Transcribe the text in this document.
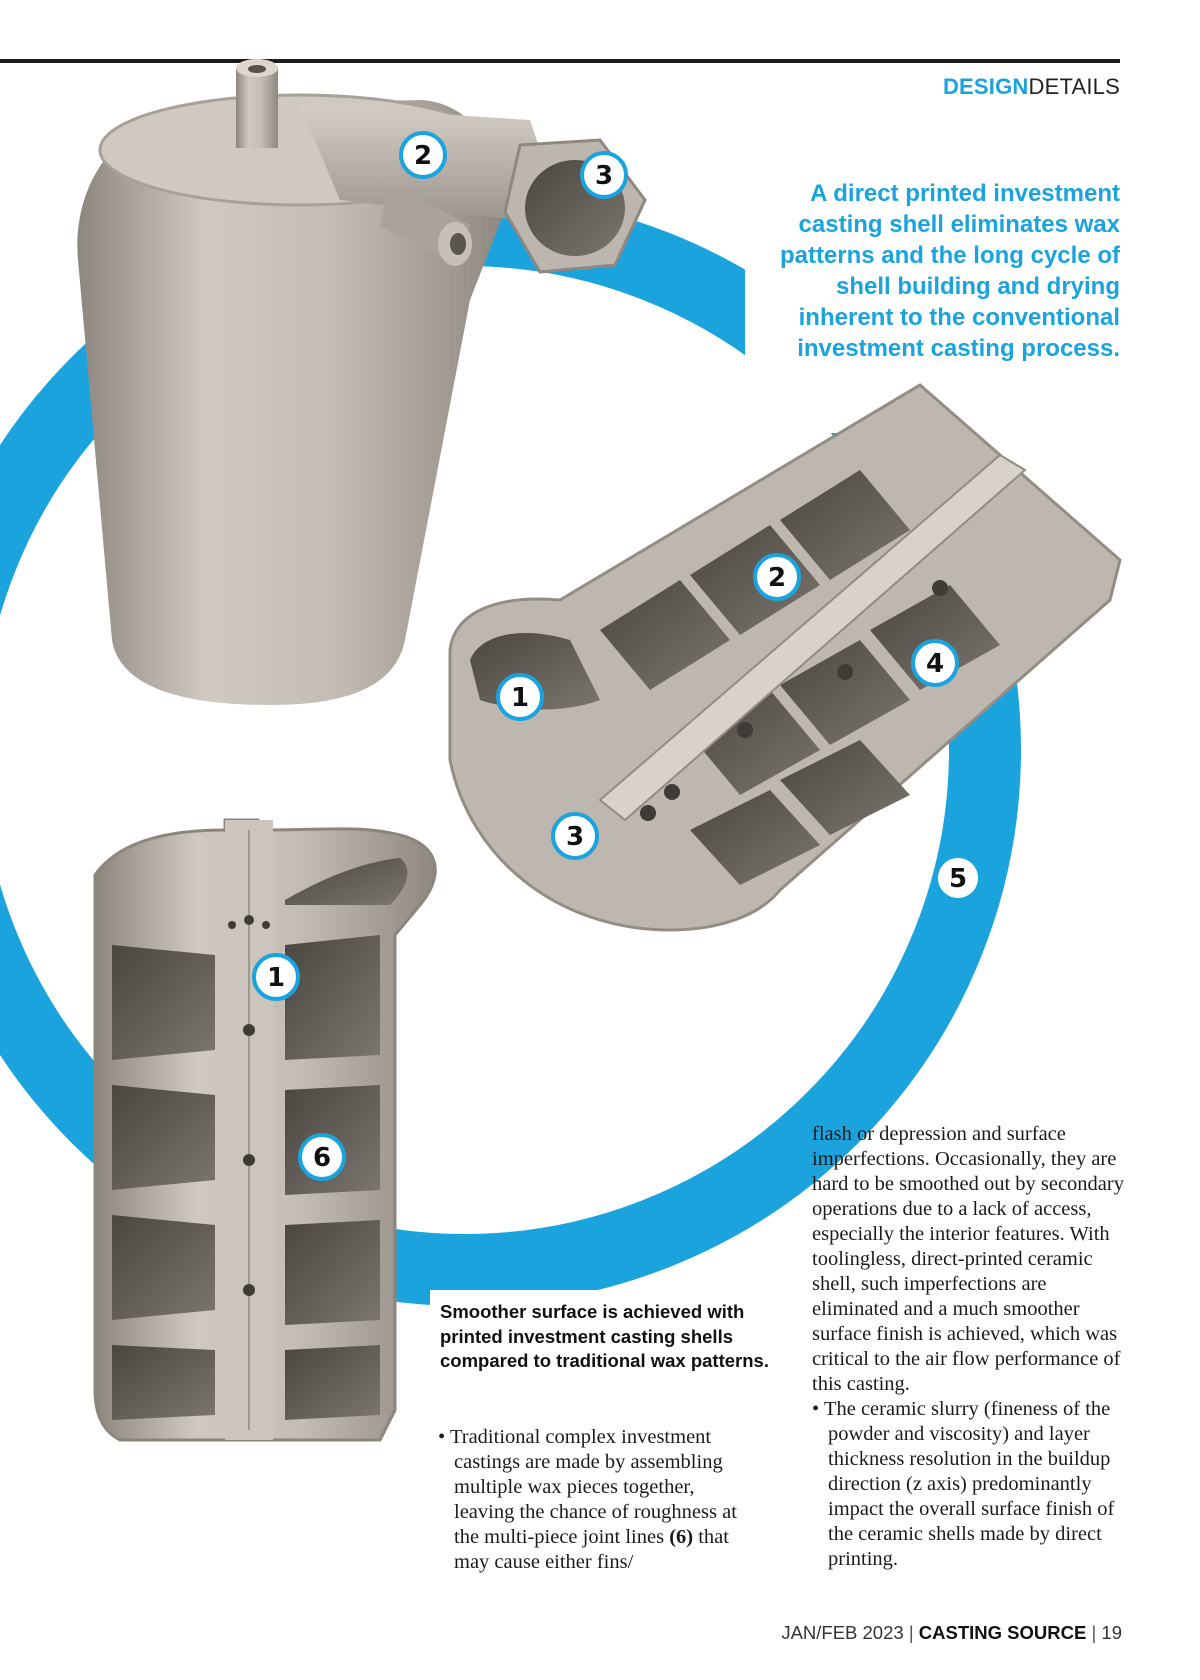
DESIGNDETAILS
2
3
1
2
3
4
5
1
6
A direct printed investment casting shell eliminates wax patterns and the long cycle of shell building and drying inherent to the conventional investment casting process.
Smoother surface is achieved with printed investment casting shells compared to traditional wax patterns.

• Traditional complex investment castings are made by assembling multiple wax pieces together, leaving the chance of roughness at the multi-piece joint lines (6) that may cause either fins/

flash or depression and surface imperfections. Occasionally, they are hard to be smoothed out by secondary operations due to a lack of access, especially the interior features. With toolingless, direct-printed ceramic shell, such imperfections are eliminated and a much smoother surface finish is achieved, which was critical to the air flow performance of this casting.

• The ceramic slurry (fineness of the powder and viscosity) and layer thickness resolution in the buildup direction (z axis) predominantly impact the overall surface finish of the ceramic shells made by direct printing.

JAN/FEB 2023 | CASTING SOURCE | 19
